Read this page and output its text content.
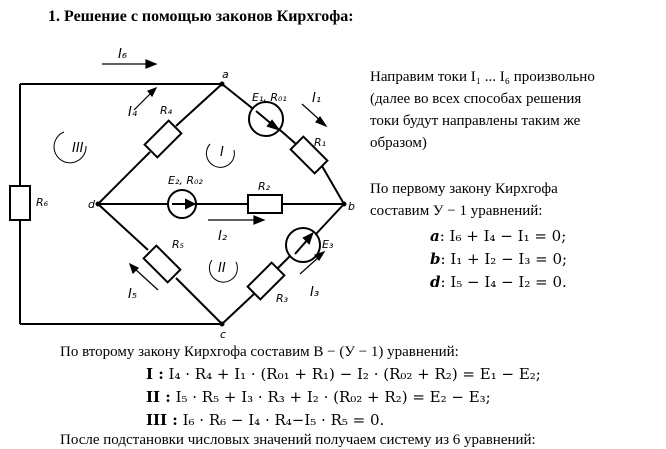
1. Решение с помощью законов Кирхгофа:
a
b
c
d
R₆
R₂
R₄
R₁
R₅
R₃
E₁, R₀₁
E₂, R₀₂
E₃
I₆
I₁
I₄
I₂
I₅	I₃
III	I
II
Направим токи I₁ ... I₆ произвольно
(далее во всех способах решения
токи будут направлены таким же
образом)
По первому закону Кирхгофа
составим У − 1 уравнений:
a: I₆ + I₄ − I₁ = 0;
b: I₁ + I₂ − I₃ = 0;
d: I₅ − I₄ − I₂ = 0.
По второму закону Кирхгофа составим В − (У − 1) уравнений:
I : I₄ · R₄ + I₁ · (R₀₁ + R₁) − I₂ · (R₀₂ + R₂) = E₁ − E₂;
II : I₅ · R₅ + I₃ · R₃ + I₂ · (R₀₂ + R₂) = E₂ − E₃;
III : I₆ · R₆ − I₄ · R₄−I₅ · R₅ = 0.
После подстановки числовых значений получаем систему из 6 уравнений:
